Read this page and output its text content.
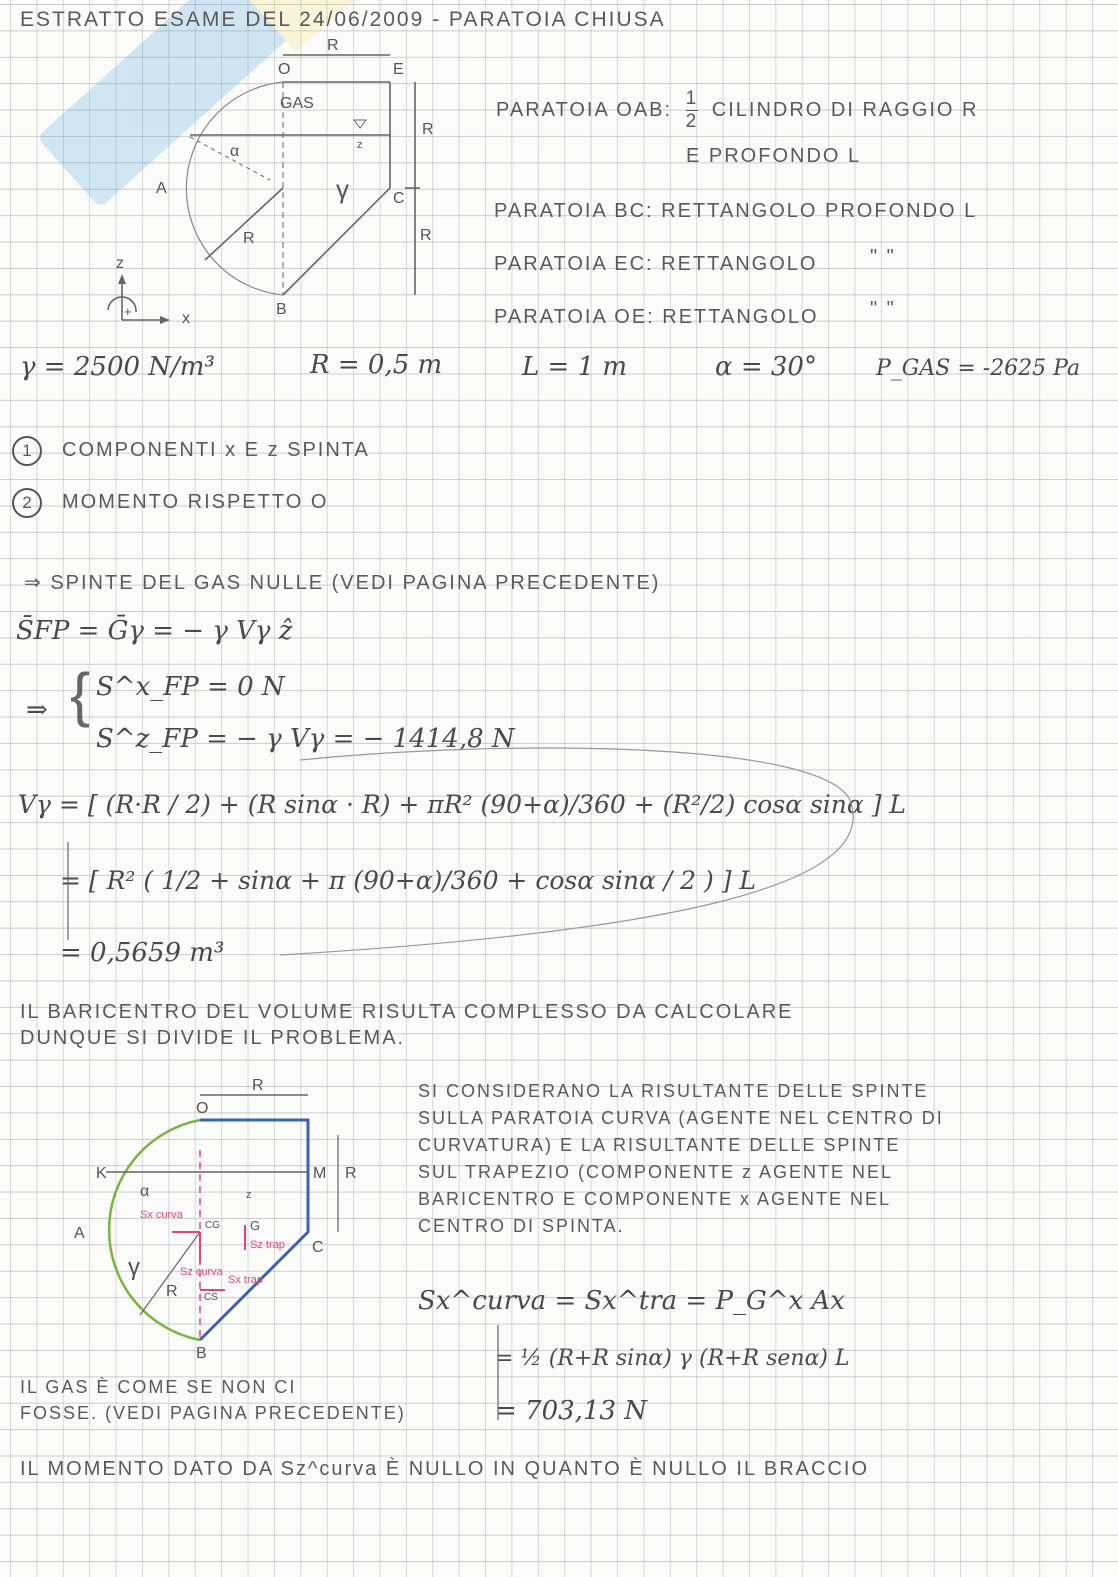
ESTRATTO ESAME DEL 24/06/2009 - PARATOIA CHIUSA
O	E
A
B
C
R
R
R
R
GAS
α
γ
z
z
x
+
PARATOIA OAB: $\frac{1}{2}$ CILINDRO DI RAGGIO R
E PROFONDO L
PARATOIA BC: RETTANGOLO PROFONDO L
PARATOIA EC: RETTANGOLO	" "
PARATOIA OE: RETTANGOLO	" "
γ = 2500 N/m³	R = 0,5 m	L = 1 m	α = 30°	P_GAS = -2625 Pa
1 COMPONENTI x E z SPINTA
2 MOMENTO RISPETTO O
⇒ SPINTE DEL GAS NULLE (VEDI PAGINA PRECEDENTE)
S̄FP = Ḡγ = − γ Vγ ẑ
⇒ { S^x_FP = 0 N
S^z_FP = − γ Vγ = − 1414,8 N
Vγ = [ (R·R / 2) + (R sinα · R) + πR² (90+α)/360 + (R²/2) cosα sinα ] L
= [ R² ( 1/2 + sinα + π (90+α)/360 + cosα sinα / 2 ) ] L
= 0,5659 m³
IL BARICENTRO DEL VOLUME RISULTA COMPLESSO DA CALCOLARE
DUNQUE SI DIVIDE IL PROBLEMA.
O
K	M
A
B
C
R
R
R
α
γ
G
CG
CS
z
Sx curva
Sz curva
Sz trap
Sx trap
SI CONSIDERANO LA RISULTANTE DELLE SPINTE
SULLA PARATOIA CURVA (AGENTE NEL CENTRO DI
CURVATURA) E LA RISULTANTE DELLE SPINTE
SUL TRAPEZIO (COMPONENTE z AGENTE NEL
BARICENTRO E COMPONENTE x AGENTE NEL
CENTRO DI SPINTA.
Sx^curva = Sx^tra = P_G^x Ax
= ½ (R+R sinα) γ (R+R senα) L
= 703,13 N
IL GAS È COME SE NON CI
FOSSE. (VEDI PAGINA PRECEDENTE)
IL MOMENTO DATO DA Sz^curva È NULLO IN QUANTO È NULLO IL BRACCIO
